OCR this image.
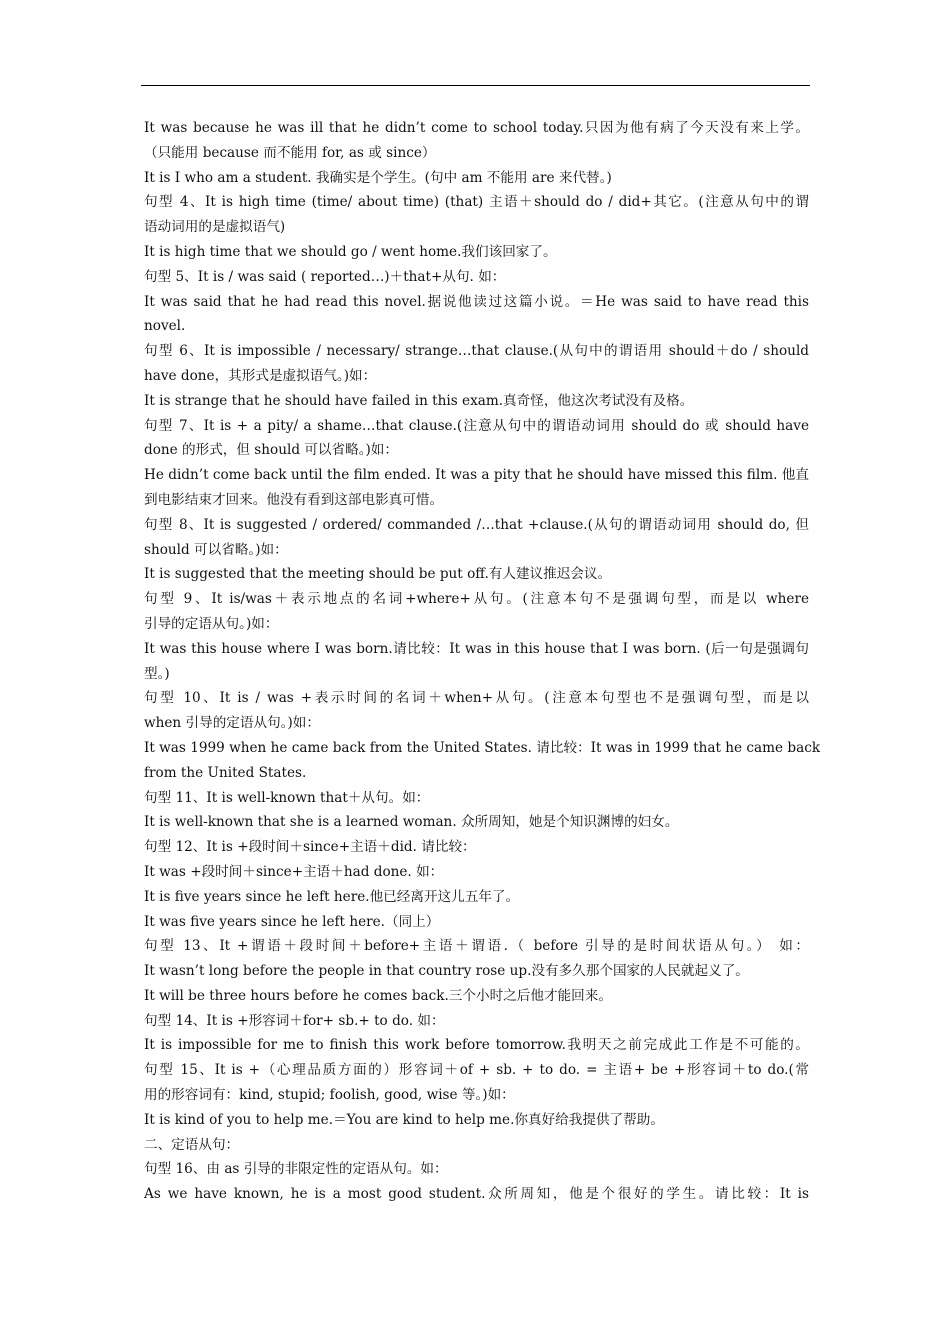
It was because he was ill that he didn’t come to school today.只因为他有病了今天没有来上学。
（只能用 because 而不能用 for, as 或 since）
It is I who am a student. 我确实是个学生。(句中 am 不能用 are 来代替。)
句型 4、It is high time (time/ about time) (that) 主语＋should do / did+其它。(注意从句中的谓
语动词用的是虚拟语气)
It is high time that we should go / went home.我们该回家了。
句型 5、It is / was said ( reported…)＋that+从句. 如：
It was said that he had read this novel.据说他读过这篇小说。＝He was said to have read this
novel.
句型 6、It is impossible / necessary/ strange…that clause.(从句中的谓语用 should＋do / should
have done，其形式是虚拟语气。)如：
It is strange that he should have failed in this exam.真奇怪，他这次考试没有及格。
句型 7、It is + a pity/ a shame…that clause.(注意从句中的谓语动词用 should do 或 should have
done 的形式，但 should 可以省略。)如：
He didn’t come back until the film ended. It was a pity that he should have missed this film. 他直
到电影结束才回来。他没有看到这部电影真可惜。
句型 8、It is suggested / ordered/ commanded /…that +clause.(从句的谓语动词用 should do, 但
should 可以省略。)如：
It is suggested that the meeting should be put off.有人建议推迟会议。
句型 9、It is/was＋表示地点的名词+where+从句。(注意本句不是强调句型，而是以 where
引导的定语从句。)如：
It was this house where I was born.请比较：It was in this house that I was born. (后一句是强调句
型。)
句型 10、It is / was +表示时间的名词＋when+从句。(注意本句型也不是强调句型，而是以
when 引导的定语从句。)如：
It was 1999 when he came back from the United States. 请比较：It was in 1999 that he came back
from the United States.
句型 11、It is well-known that＋从句。如：
It is well-known that she is a learned woman. 众所周知，她是个知识渊博的妇女。
句型 12、It is +段时间＋since+主语＋did. 请比较：
It was +段时间＋since+主语＋had done. 如：
It is five years since he left here.他已经离开这儿五年了。
It was five years since he left here.（同上）
句型 13、It +谓语＋段时间＋before+主语＋谓语.（ before 引导的是时间状语从句。） 如：
It wasn’t long before the people in that country rose up.没有多久那个国家的人民就起义了。
It will be three hours before he comes back.三个小时之后他才能回来。
句型 14、It is +形容词＋for+ sb.+ to do. 如：
It is impossible for me to finish this work before tomorrow.我明天之前完成此工作是不可能的。
句型 15、It is +（心理品质方面的）形容词＋of + sb. + to do. = 主语+ be +形容词＋to do.(常
用的形容词有：kind, stupid; foolish, good, wise 等。)如：
It is kind of you to help me.＝You are kind to help me.你真好给我提供了帮助。
二、定语从句：
句型 16、由 as 引导的非限定性的定语从句。如：
As we have known, he is a most good student.众所周知，他是个很好的学生。请比较：It is
